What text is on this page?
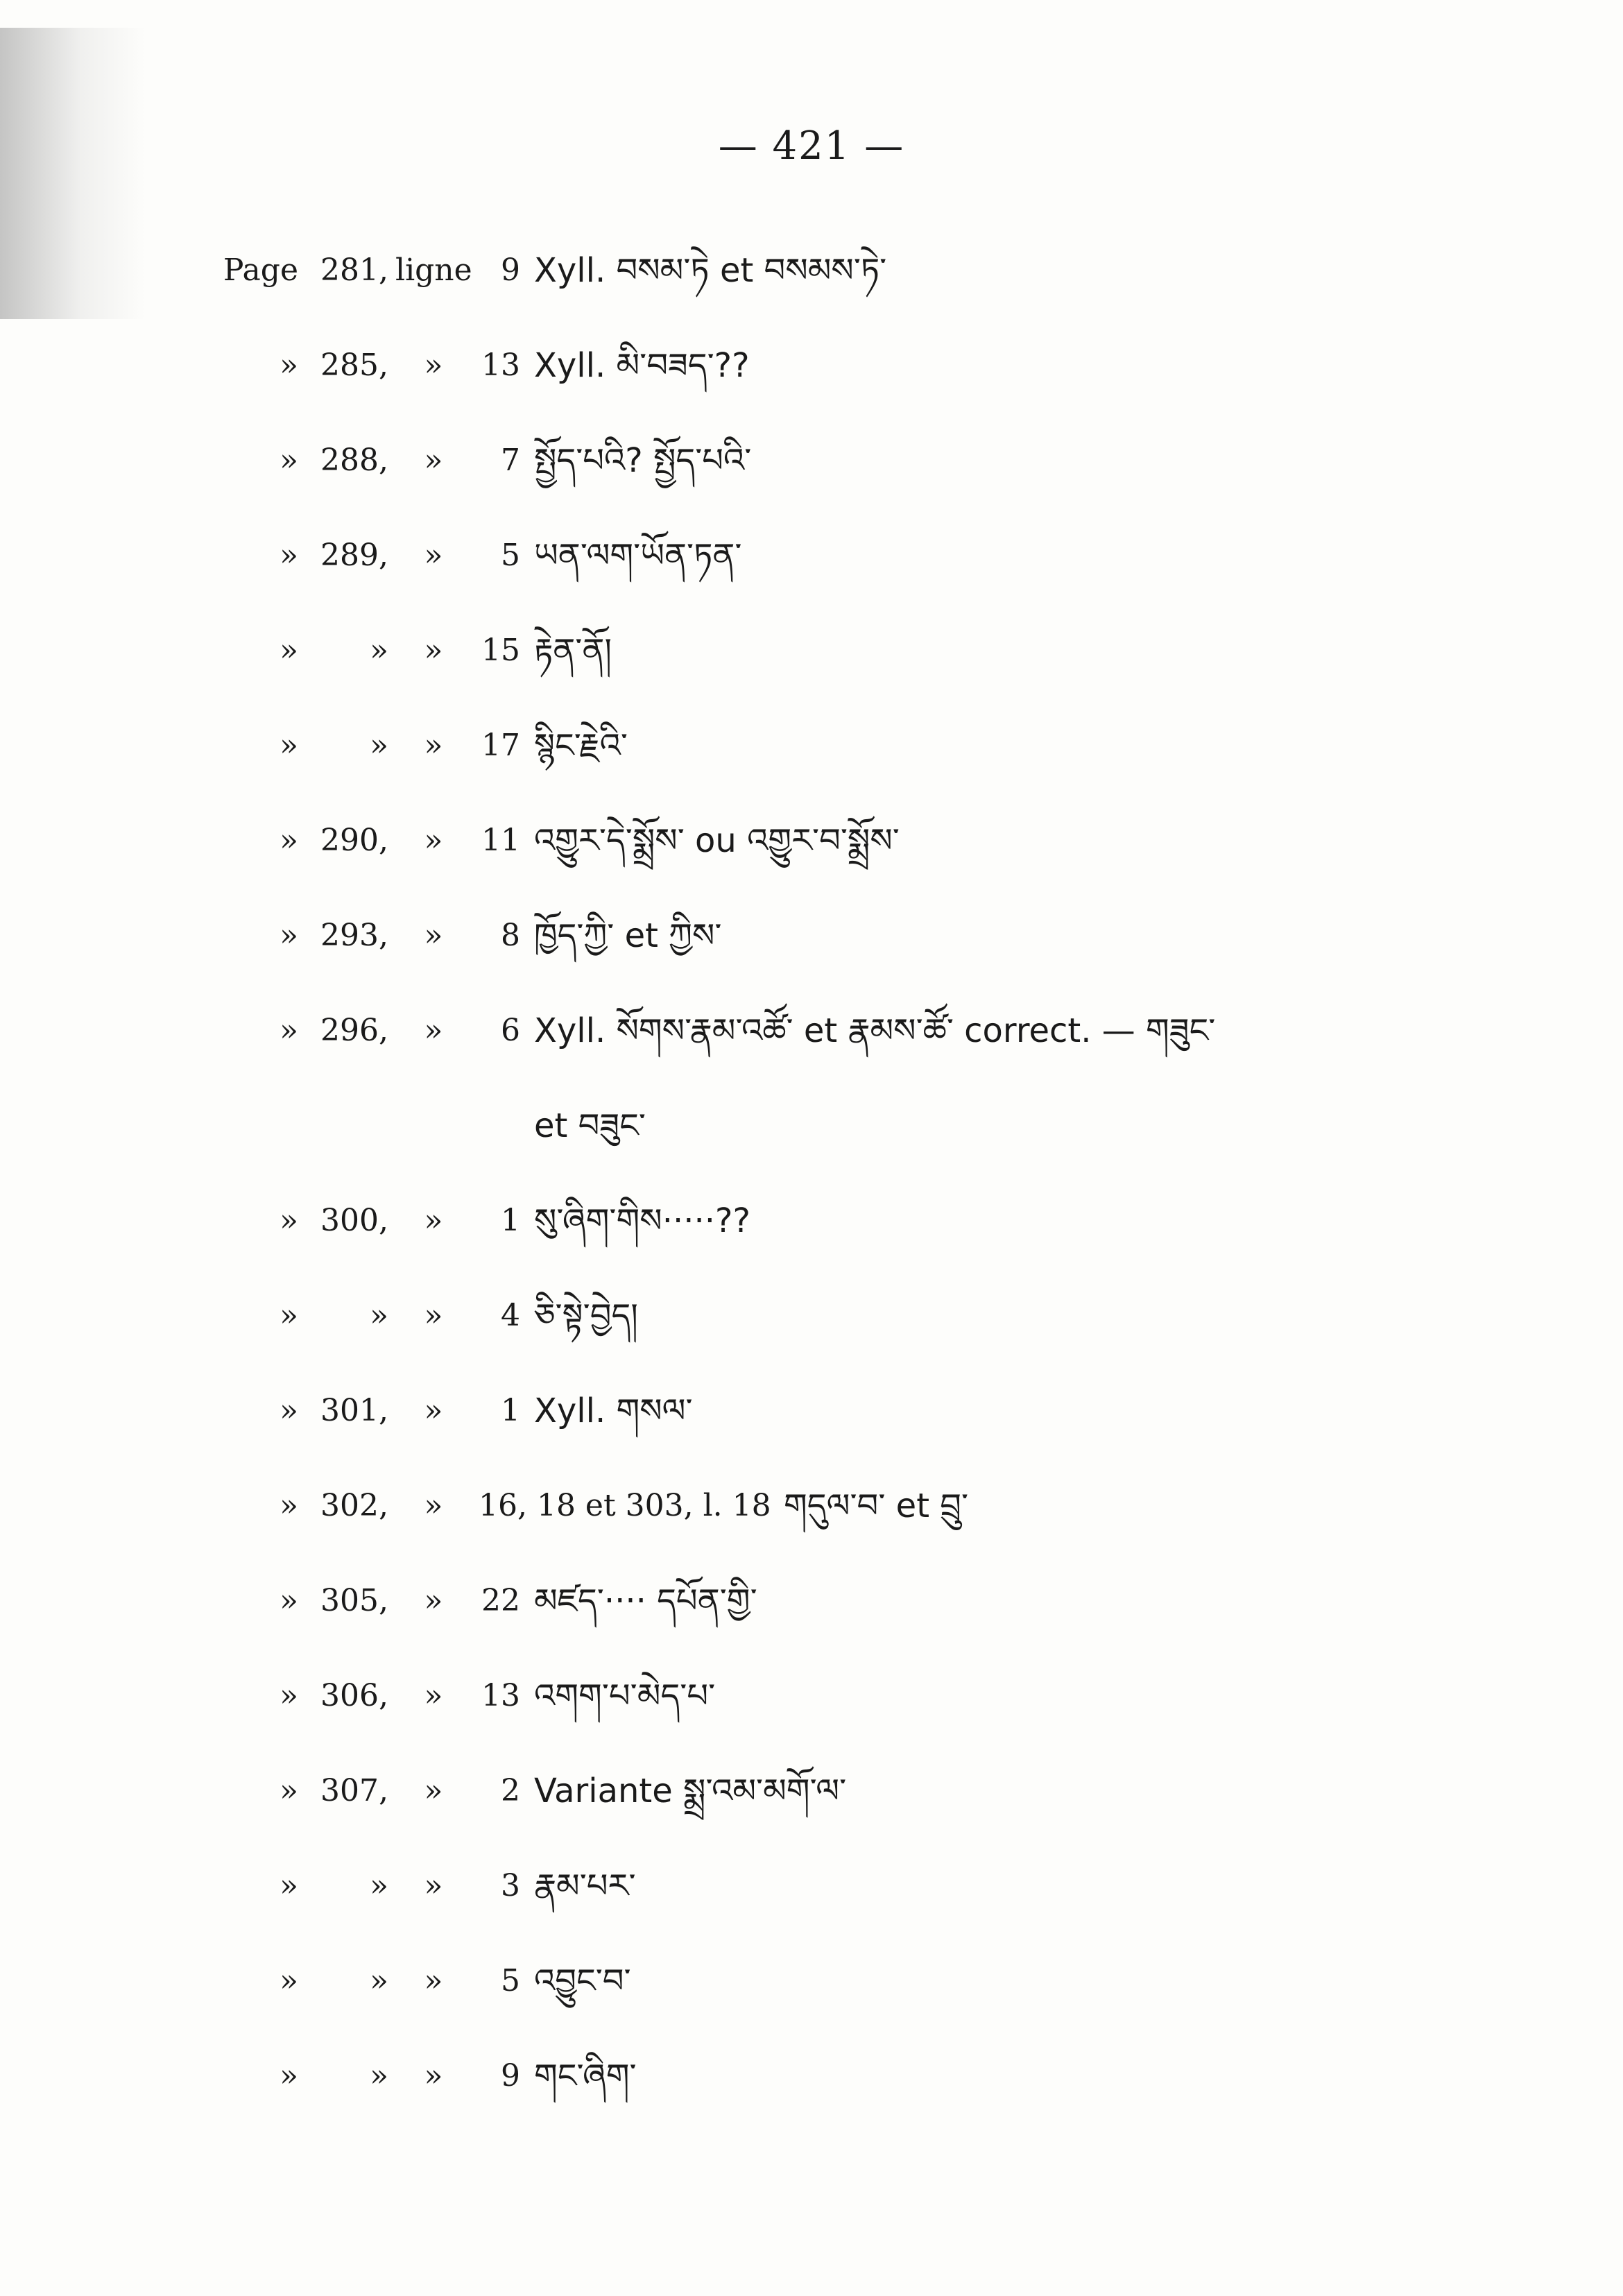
— 421 —
Page 281, ligne 9 Xyll. བསམ་ཏེ et བསམས་ཏེ་
» 285,	»	13 Xyll. མི་བཟད་??
» 288,	»	7 སྤྱོད་པའི? སྤྱོད་པའི་
» 289,	»	5 ཡན་ལག་ཡོན་ཏན་
»	»	»	15 རྟེན་ནོ།
»	»	»	17 སྙིང་རྗེའི་
» 290,	»	11 འགྱུར་དེ་སྨྲོས་ ou འགྱུར་བ་སྨྲོས་
» 293,	»	8 ཁྱོད་ཀྱི་ et ཀྱིས་
» 296,	»	6 Xyll. སོགས་རྣམ་འཚོ་ et རྣམས་ཚོ་ correct. — གཟུང་
et བཟུང་
» 300,	»	1 སུ་ཞིག་གིས·····??
»	»	»	4 ཅི་སྟེ་བྱེད།
» 301,	»	1 Xyll. གསལ་
» 302,	»	16, 18 et 303, l. 18 གདུལ་བ་ et བྲུ་
» 305,	»	22 མཛད་···· དཔོན་གྱི་
» 306,	»	13 འགག་པ་མེད་པ་
» 307,	»	2 Variante སྨྲ་འམ་མགོ་ལ་
»	»	»	3 རྣམ་པར་
»	»	»	5 འབྱུང་བ་
»	»	»	9 གང་ཞིག་
